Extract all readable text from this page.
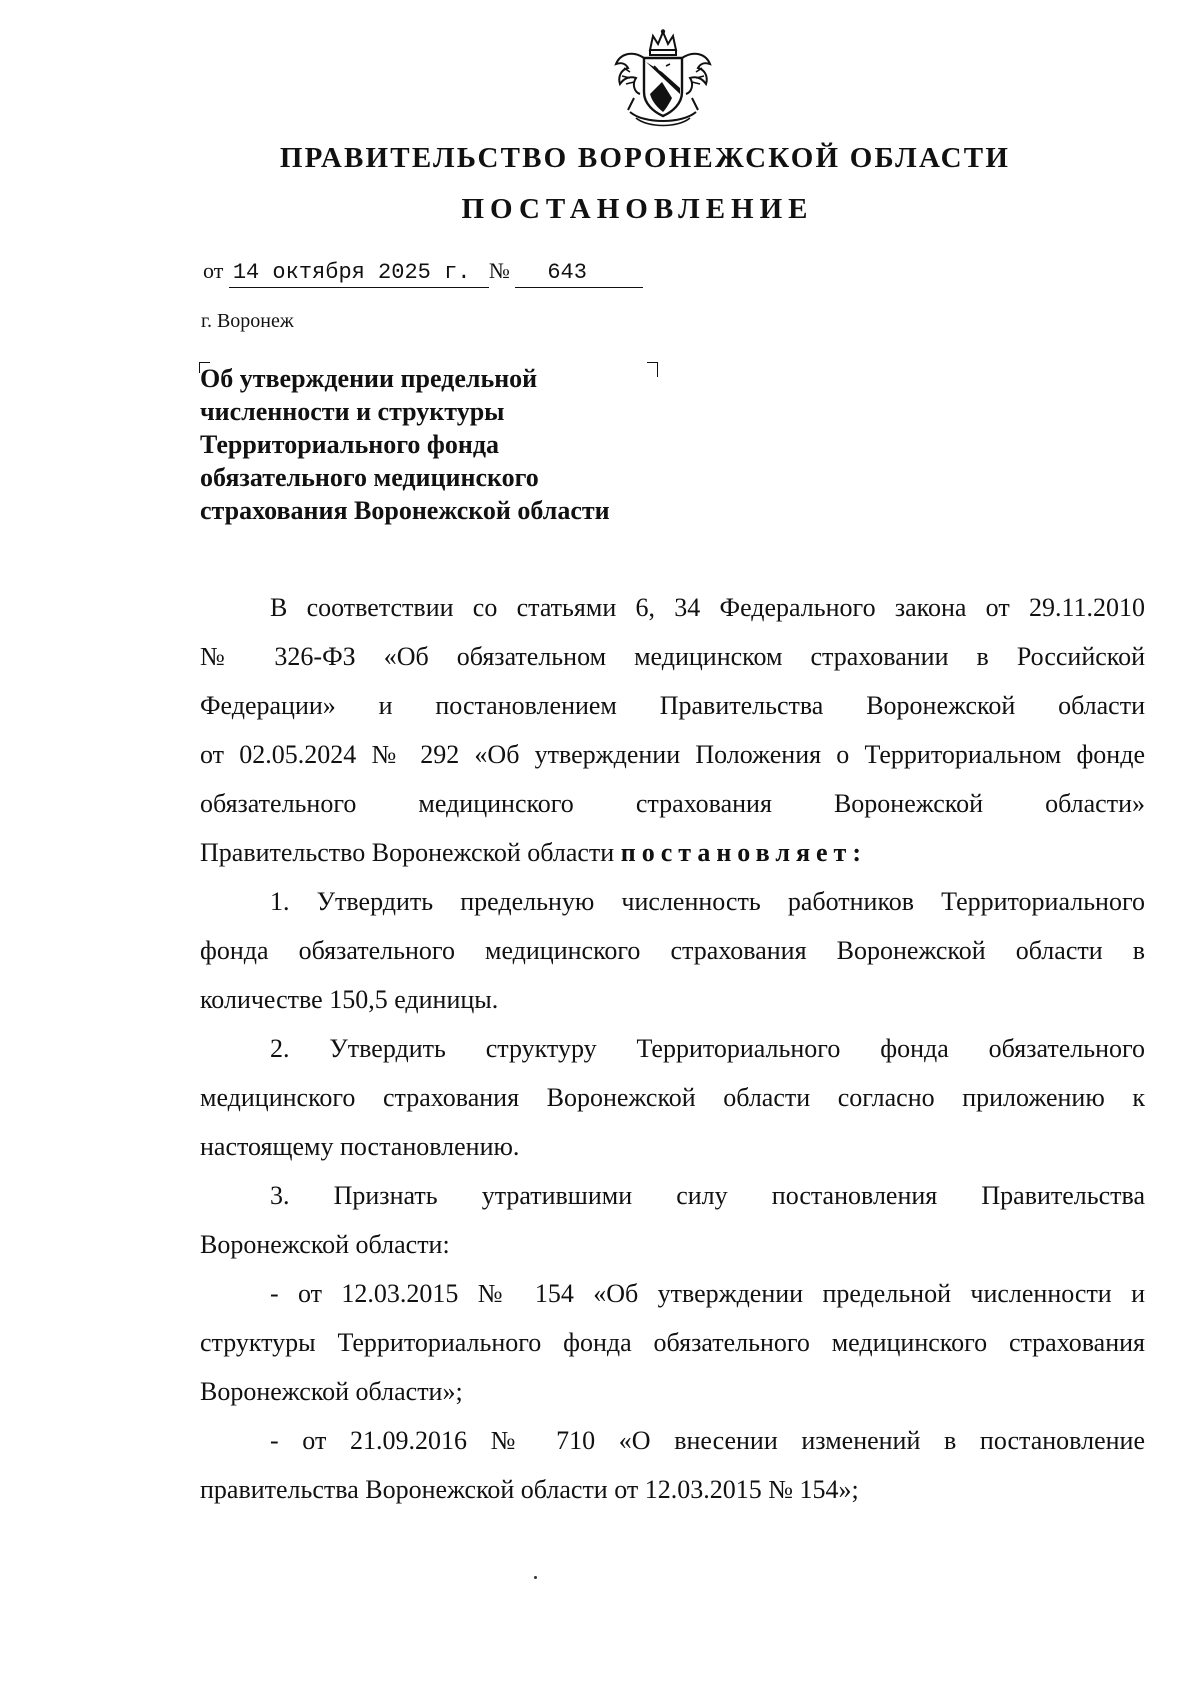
ПРАВИТЕЛЬСТВО ВОРОНЕЖСКОЙ ОБЛАСТИ
ПОСТАНОВЛЕНИЕ
от 14 октября 2025 г. № 643
г. Воронеж
Об утверждении предельной
численности и структуры
Территориального фонда
обязательного медицинского
страхования Воронежской области
В соответствии со статьями 6, 34 Федерального закона от 29.11.2010
№ 326-ФЗ «Об обязательном медицинском страховании в Российской
Федерации» и постановлением Правительства Воронежской области
от 02.05.2024 № 292 «Об утверждении Положения о Территориальном фонде
обязательного медицинского страхования Воронежской области»
Правительство Воронежской области постановляет:
1. Утвердить предельную численность работников Территориального
фонда обязательного медицинского страхования Воронежской области в
количестве 150,5 единицы.
2. Утвердить структуру Территориального фонда обязательного
медицинского страхования Воронежской области согласно приложению к
настоящему постановлению.
3. Признать утратившими силу постановления Правительства
Воронежской области:
- от 12.03.2015 № 154 «Об утверждении предельной численности и
структуры Территориального фонда обязательного медицинского страхования
Воронежской области»;
- от 21.09.2016 № 710 «О внесении изменений в постановление
правительства Воронежской области от 12.03.2015 № 154»;
